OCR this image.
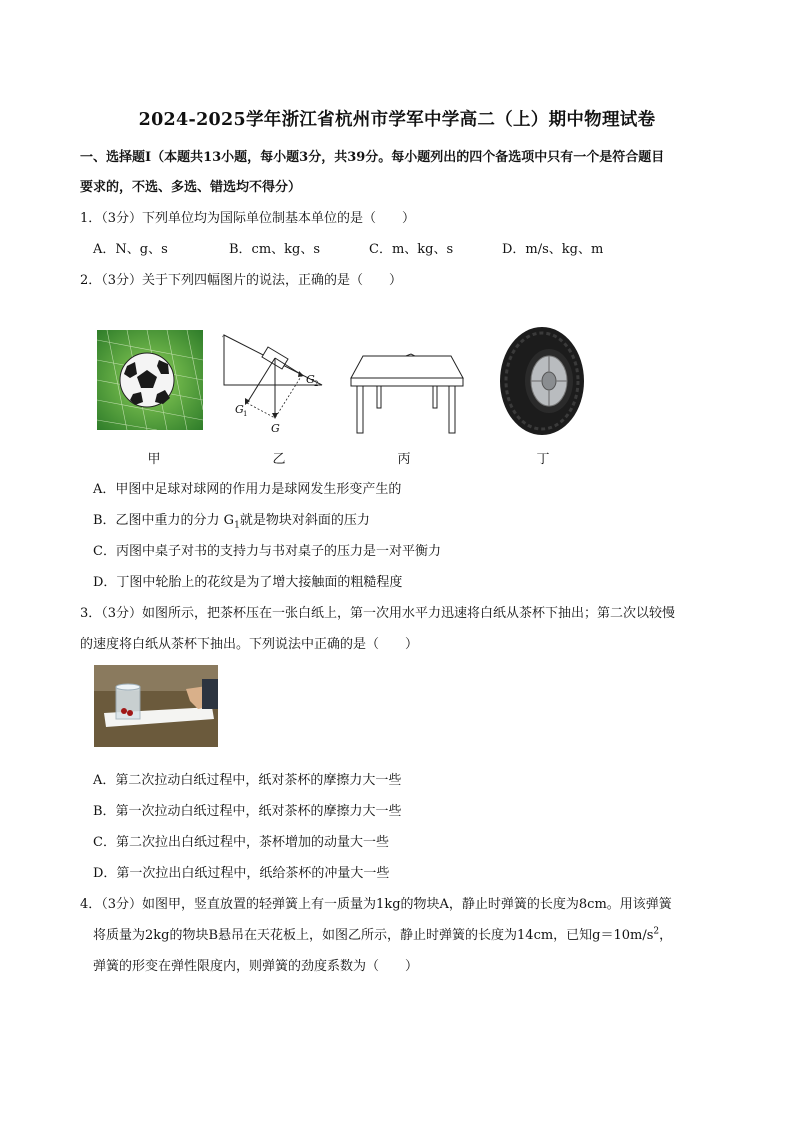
2024-2025学年浙江省杭州市学军中学高二（上）期中物理试卷
一、选择题Ⅰ（本题共13小题，每小题3分，共39分。每小题列出的四个备选项中只有一个是符合题目
要求的，不选、多选、错选均不得分）
1．（3分）下列单位均为国际单位制基本单位的是（　　）
A．N、g、s	B．cm、kg、s	C．m、kg、s	D．m/s、kg、m
2．（3分）关于下列四幅图片的说法，正确的是（　　）
G 2
G 1
G
甲	乙	丙	丁
A．甲图中足球对球网的作用力是球网发生形变产生的
B．乙图中重力的分力 $G_1$就是物块对斜面的压力
C．丙图中桌子对书的支持力与书对桌子的压力是一对平衡力
D．丁图中轮胎上的花纹是为了增大接触面的粗糙程度
3．（3分）如图所示，把茶杯压在一张白纸上，第一次用水平力迅速将白纸从茶杯下抽出；第二次以较慢
的速度将白纸从茶杯下抽出。下列说法中正确的是（　　）
A．第二次拉动白纸过程中，纸对茶杯的摩擦力大一些
B．第一次拉动白纸过程中，纸对茶杯的摩擦力大一些
C．第二次拉出白纸过程中，茶杯增加的动量大一些
D．第一次拉出白纸过程中，纸给茶杯的冲量大一些
4．（3分）如图甲，竖直放置的轻弹簧上有一质量为1kg的物块A，静止时弹簧的长度为8cm。用该弹簧
将质量为2kg的物块B悬吊在天花板上，如图乙所示，静止时弹簧的长度为14cm，已知$g=10m/s^2$，
弹簧的形变在弹性限度内，则弹簧的劲度系数为（　　）
